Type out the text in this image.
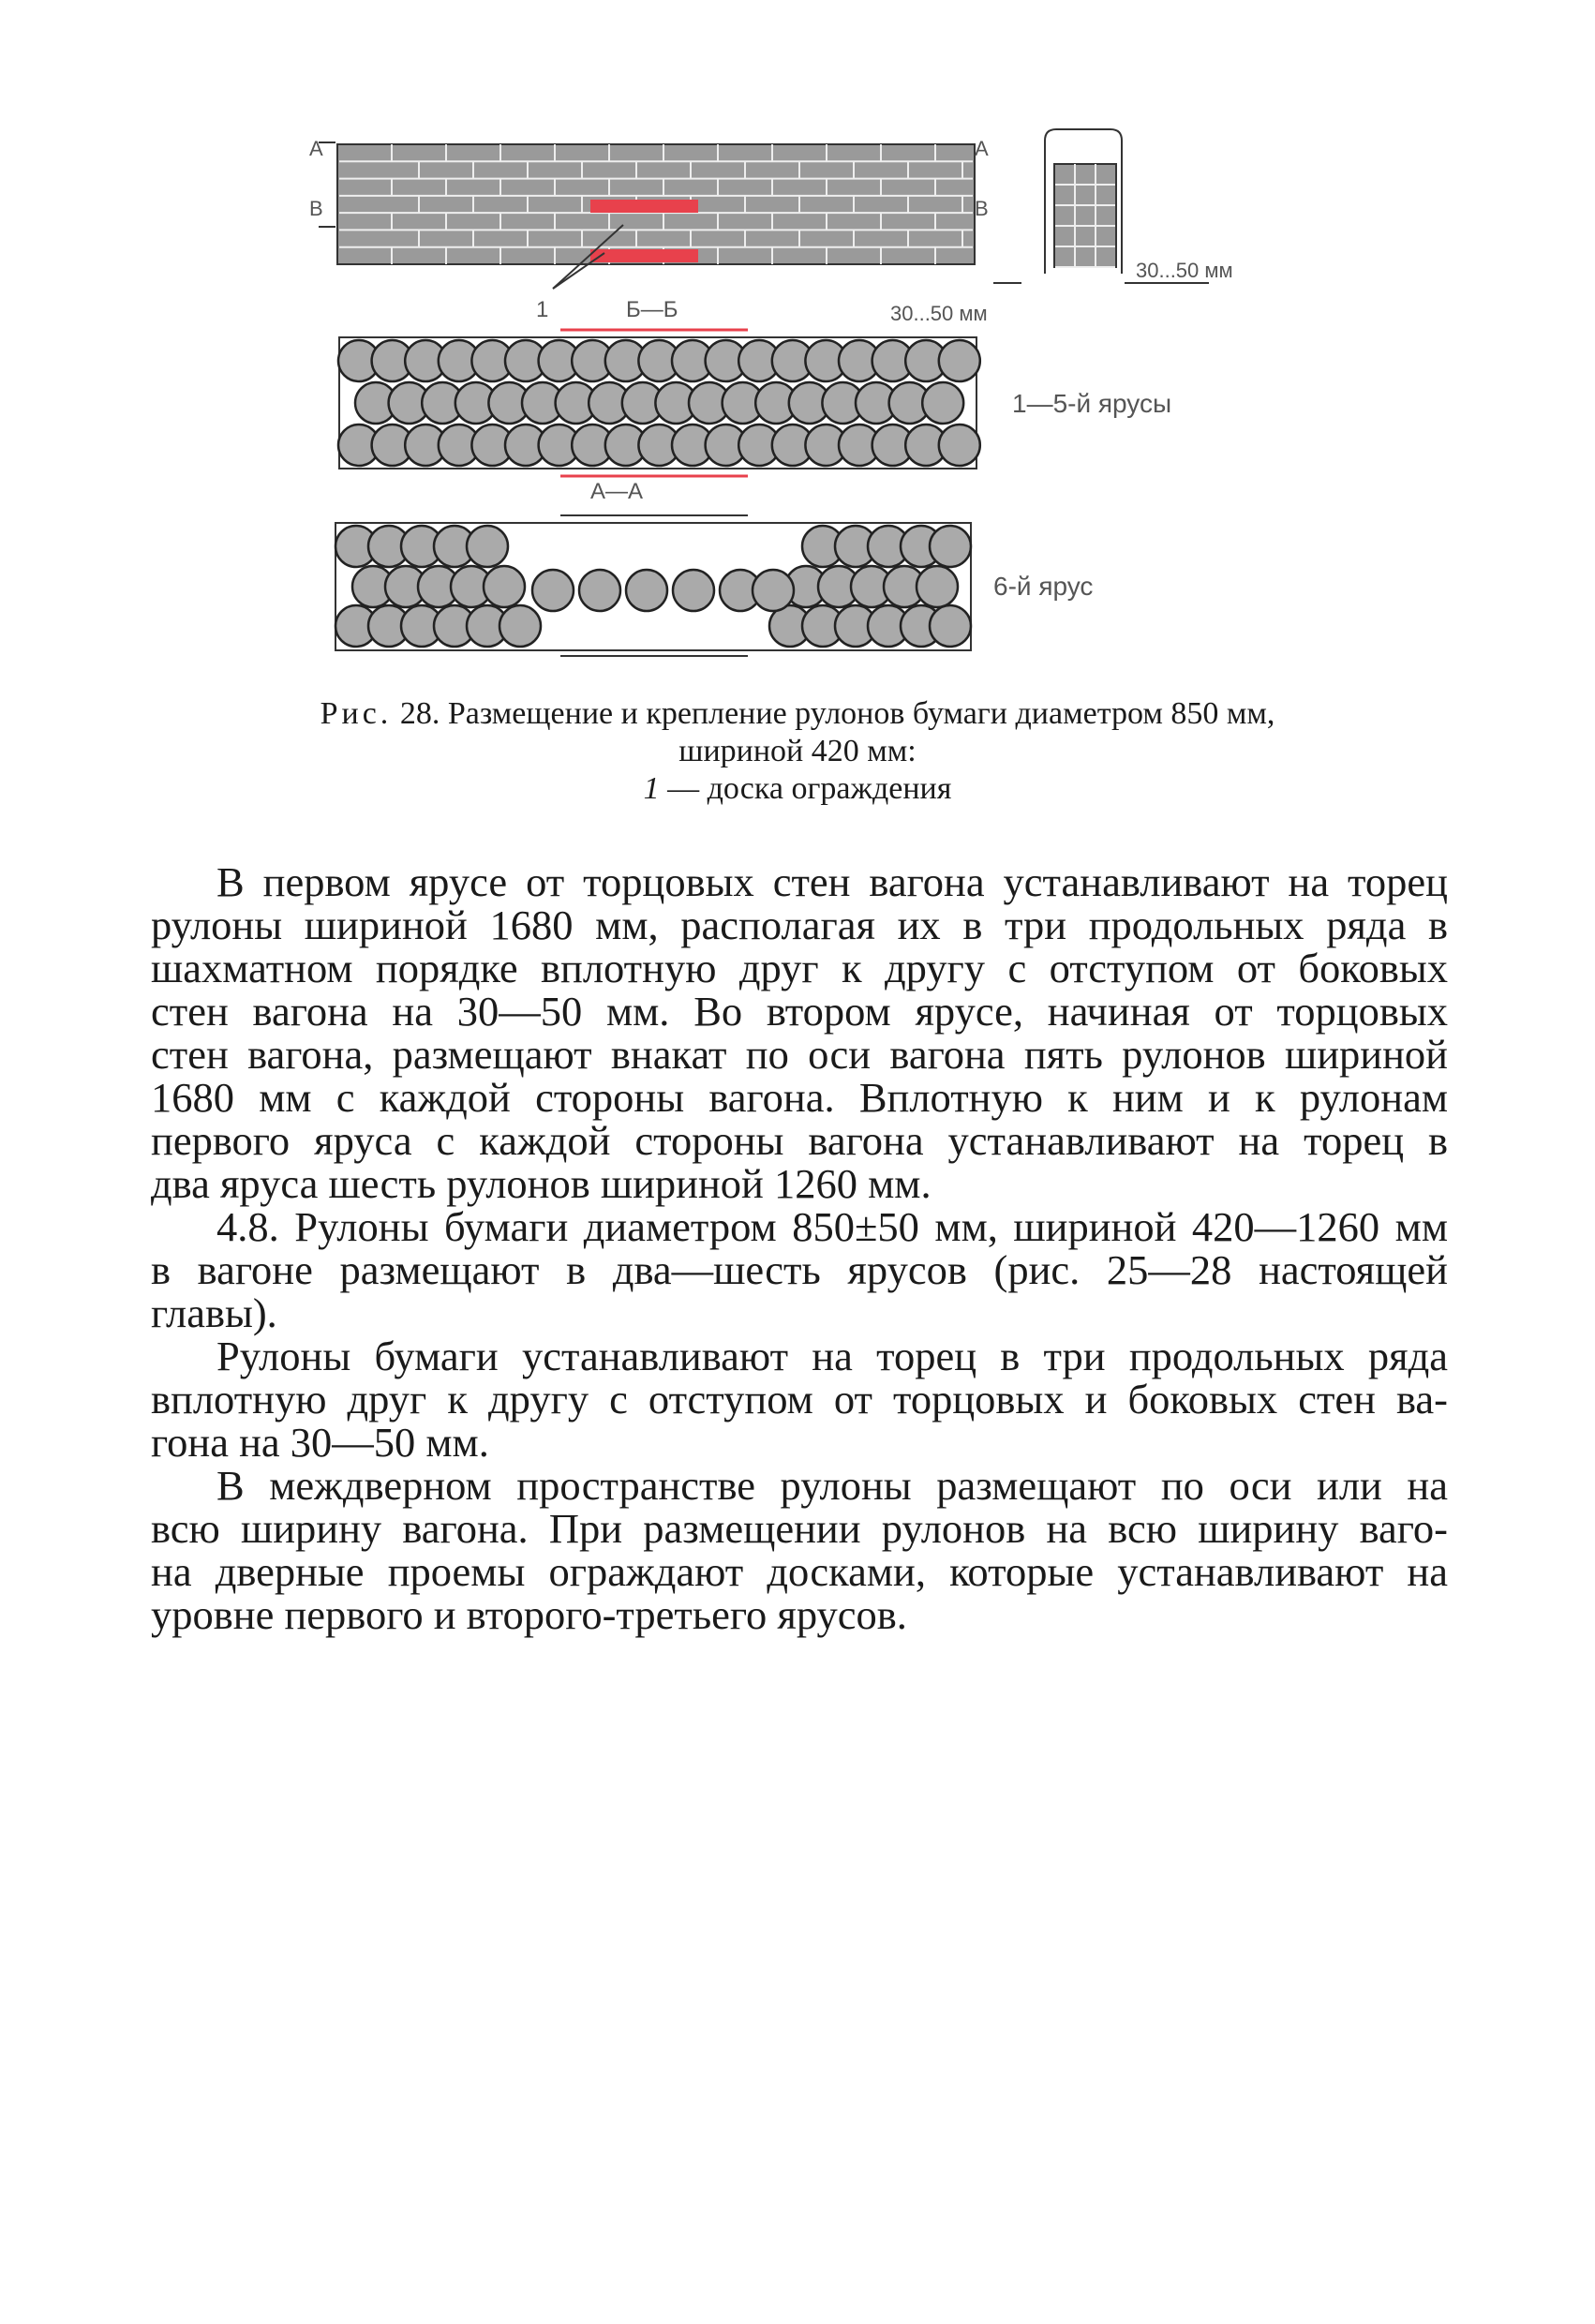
А
В
А
В
1	Б—Б	30...50 мм
30...50 мм
А—А
1—5-й ярусы
6-й ярус
Рис. 28. Размещение и крепление рулонов бумаги диаметром 850 мм,
шириной 420 мм:
1 — доска ограждения

В первом ярусе от торцовых стен вагона устанавливают на торец

рулоны шириной 1680 мм, располагая их в три продольных ряда в

шахматном порядке вплотную друг к другу с отступом от боковых

стен вагона на 30—50 мм. Во втором ярусе, начиная от торцовых

стен вагона, размещают внакат по оси вагона пять рулонов шириной

1680 мм с каждой стороны вагона. Вплотную к ним и к рулонам

первого яруса с каждой стороны вагона устанавливают на торец в

два яруса шесть рулонов шириной 1260 мм.

4.8. Рулоны бумаги диаметром 850±50 мм, шириной 420—1260 мм

в вагоне размещают в два—шесть ярусов (рис. 25—28 настоящей

главы).

Рулоны бумаги устанавливают на торец в три продольных ряда

вплотную друг к другу с отступом от торцовых и боковых стен ва-

гона на 30—50 мм.

В междверном пространстве рулоны размещают по оси или на

всю ширину вагона. При размещении рулонов на всю ширину ваго-

на дверные проемы ограждают досками, которые устанавливают на

уровне первого и второго-третьего ярусов.
